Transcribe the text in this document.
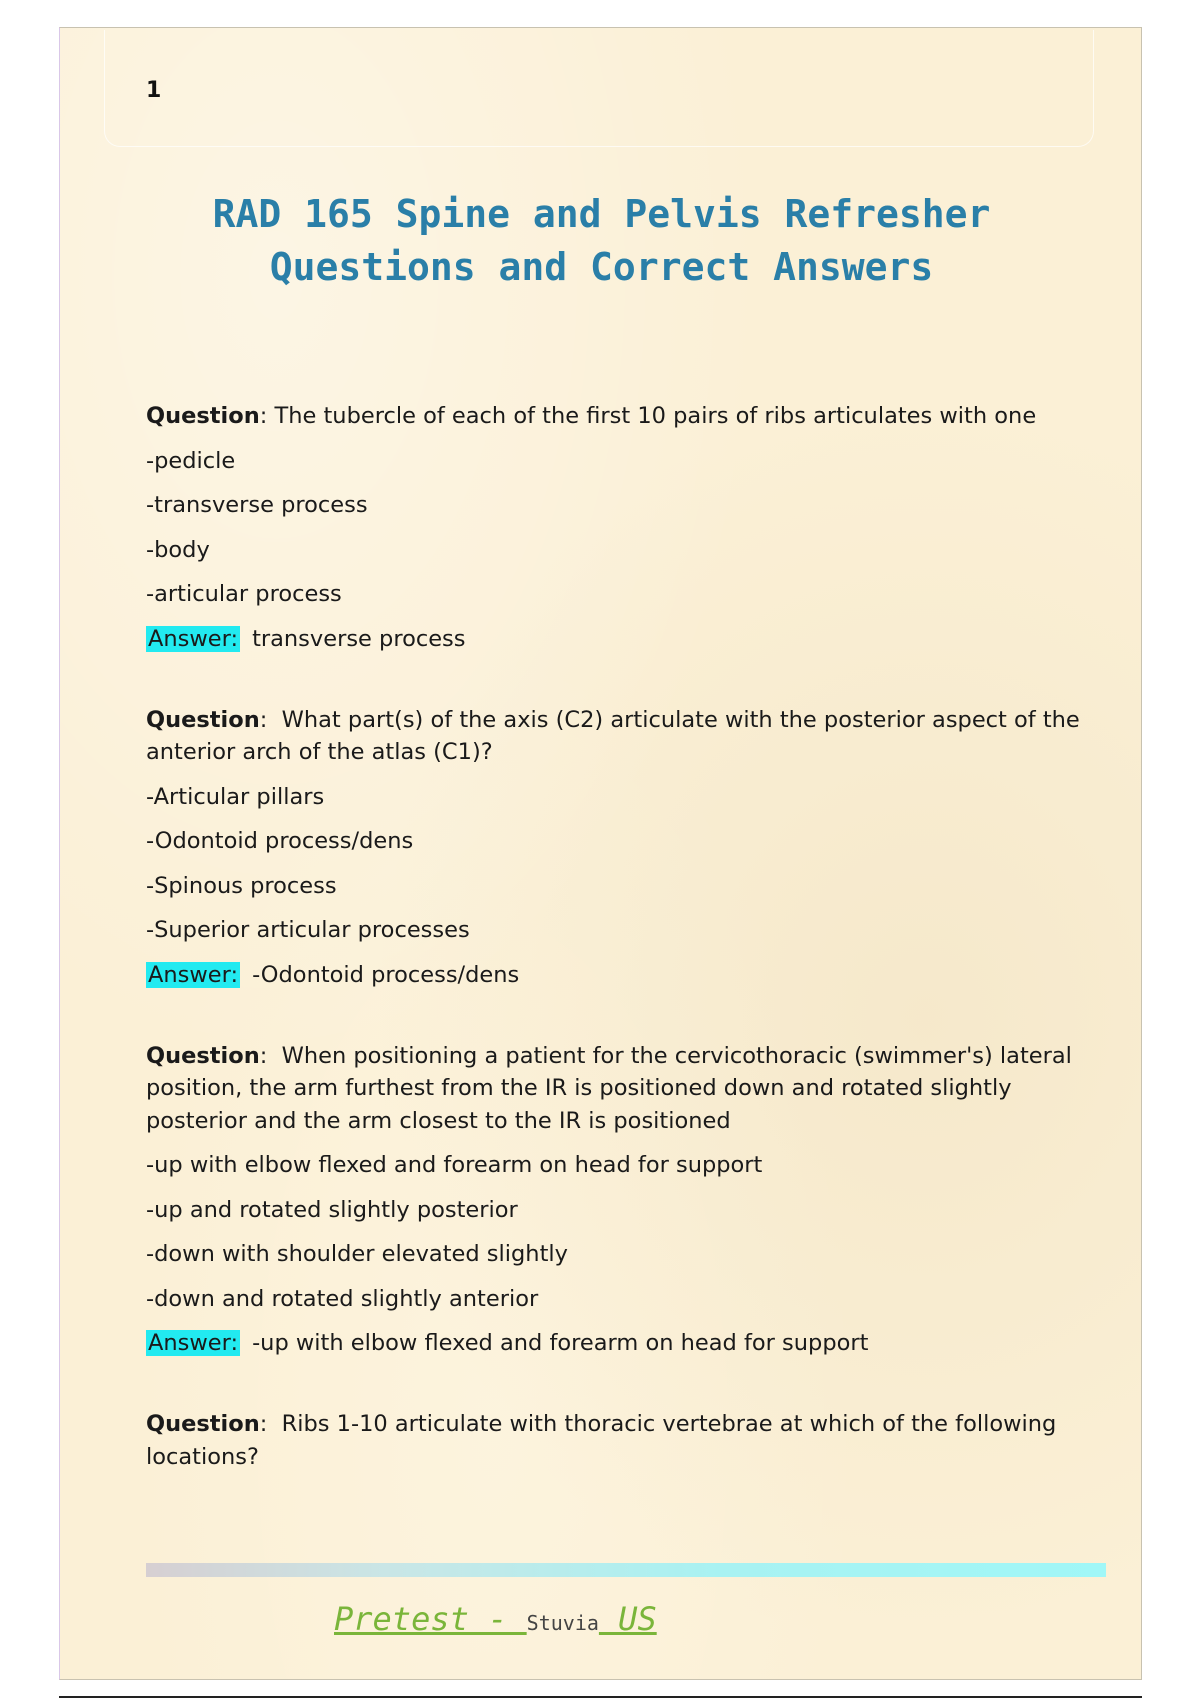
1
RAD 165 Spine and Pelvis Refresher
Questions and Correct Answers
Question: The tubercle of each of the first 10 pairs of ribs articulates with one
-pedicle
-transverse process
-body
-articular process
Answer: transverse process
Question:  What part(s) of the axis (C2) articulate with the posterior aspect of the anterior arch of the atlas (C1)?
-Articular pillars
-Odontoid process/dens
-Spinous process
-Superior articular processes
Answer: -Odontoid process/dens
Question:  When positioning a patient for the cervicothoracic (swimmer's) lateral position, the arm furthest from the IR is positioned down and rotated slightly posterior and the arm closest to the IR is positioned
-up with elbow flexed and forearm on head for support
-up and rotated slightly posterior
-down with shoulder elevated slightly
-down and rotated slightly anterior
Answer: -up with elbow flexed and forearm on head for support
Question:  Ribs 1-10 articulate with thoracic vertebrae at which of the following locations?
Pretest - Stuvia US
